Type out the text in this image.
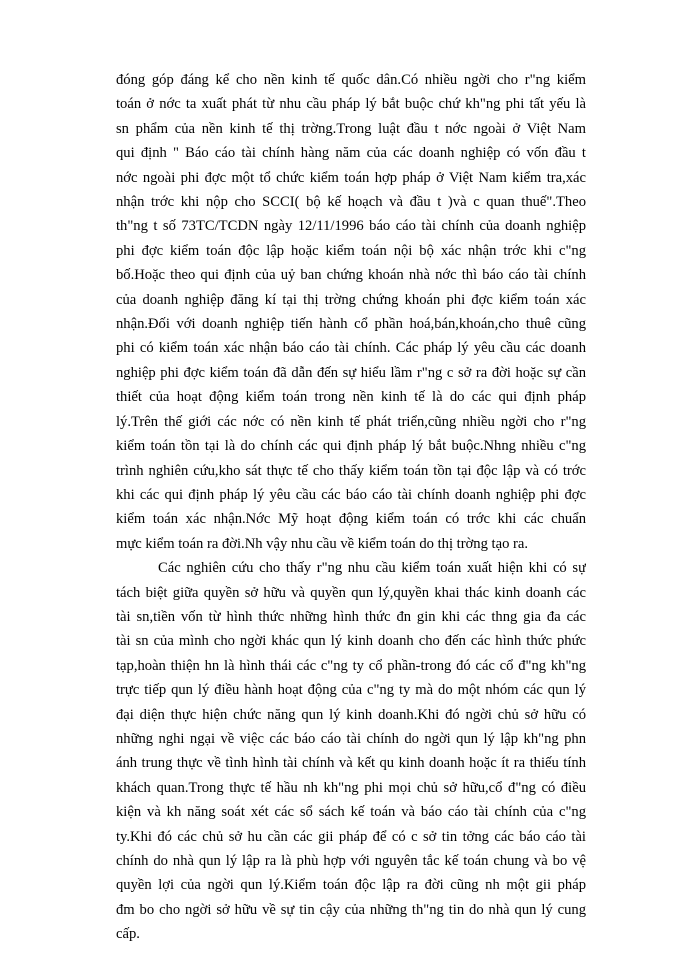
đóng góp đáng kể cho nền kinh tế quốc dân.Có nhiều ngời cho r"ng kiểm
toán ở nớc ta xuất phát từ nhu cầu pháp lý bắt buộc chứ kh"ng phi tất yếu là
sn phẩm của nền kinh tế thị trờng.Trong luật đầu t nớc ngoài ở Việt Nam
qui định " Báo cáo tài chính hàng năm của các doanh nghiệp có vốn đầu t
nớc ngoài phi đợc một tổ chức kiểm toán hợp pháp ở Việt Nam kiểm tra,xác
nhận trớc khi nộp cho SCCI( bộ kế hoạch và đầu t )và c quan thuế".Theo
th"ng t số 73TC/TCDN ngày 12/11/1996 báo cáo tài chính của doanh nghiệp
phi đợc kiểm toán độc lập hoặc kiểm toán nội bộ xác nhận trớc khi c"ng
bố.Hoặc theo qui định của uỷ ban chứng khoán nhà nớc thì báo cáo tài chính
của doanh nghiệp đăng kí tại thị trờng chứng khoán phi đợc kiểm toán xác
nhận.Đối với doanh nghiệp tiến hành cổ phần hoá,bán,khoán,cho thuê cũng
phi có kiểm toán xác nhận báo cáo tài chính. Các pháp lý yêu cầu các doanh
nghiệp phi đợc kiểm toán đã dẫn đến sự hiểu lầm r"ng c sở ra đời hoặc sự cần
thiết của hoạt động kiểm toán trong nền kinh tế là do các qui định pháp
lý.Trên thế giới các nớc có nền kinh tế phát triển,cũng nhiều ngời cho r"ng
kiểm toán tồn tại là do chính các qui định pháp lý bắt buộc.Nhng nhiều c"ng
trình nghiên cứu,kho sát thực tế cho thấy kiểm toán tồn tại độc lập và có trớc
khi các qui định pháp lý yêu cầu các báo cáo tài chính doanh nghiệp phi đợc
kiểm toán xác nhận.Nớc Mỹ hoạt động kiểm toán có trớc khi các chuẩn
mực kiểm toán ra đời.Nh vậy nhu cầu về kiểm toán do thị trờng tạo ra.

Các nghiên cứu cho thấy r"ng nhu cầu kiểm toán xuất hiện khi có sự
tách biệt giữa quyền sở hữu và quyền qun lý,quyền khai thác kinh doanh các
tài sn,tiền vốn từ hình thức những hình thức đn gin khi các thng gia đa các
tài sn của mình cho ngời khác qun lý kinh doanh cho đến các hình thức phức
tạp,hoàn thiện hn là hình thái các c"ng ty cổ phần-trong đó các cổ đ"ng kh"ng
trực tiếp qun lý điều hành hoạt động của c"ng ty mà do một nhóm các qun lý
đại diện thực hiện chức năng qun lý kinh doanh.Khi đó ngời chủ sở hữu có
những nghi ngại về việc các báo cáo tài chính do ngời qun lý lập kh"ng phn
ánh trung thực về tình hình tài chính và kết qu kinh doanh hoặc ít ra thiếu tính
khách quan.Trong thực tế hầu nh kh"ng phi mọi chủ sở hữu,cổ đ"ng có điều
kiện và kh năng soát xét các sổ sách kế toán và báo cáo tài chính của c"ng
ty.Khi đó các chủ sở hu cần các gii pháp để có c sở tin tởng các báo cáo tài
chính do nhà qun lý lập ra là phù hợp với nguyên tắc kế toán chung và bo vệ
quyền lợi của ngời qun lý.Kiểm toán độc lập ra đời cũng nh một gii pháp
đm bo cho ngời sở hữu về sự tin cậy của những th"ng tin do nhà qun lý cung
cấp.
